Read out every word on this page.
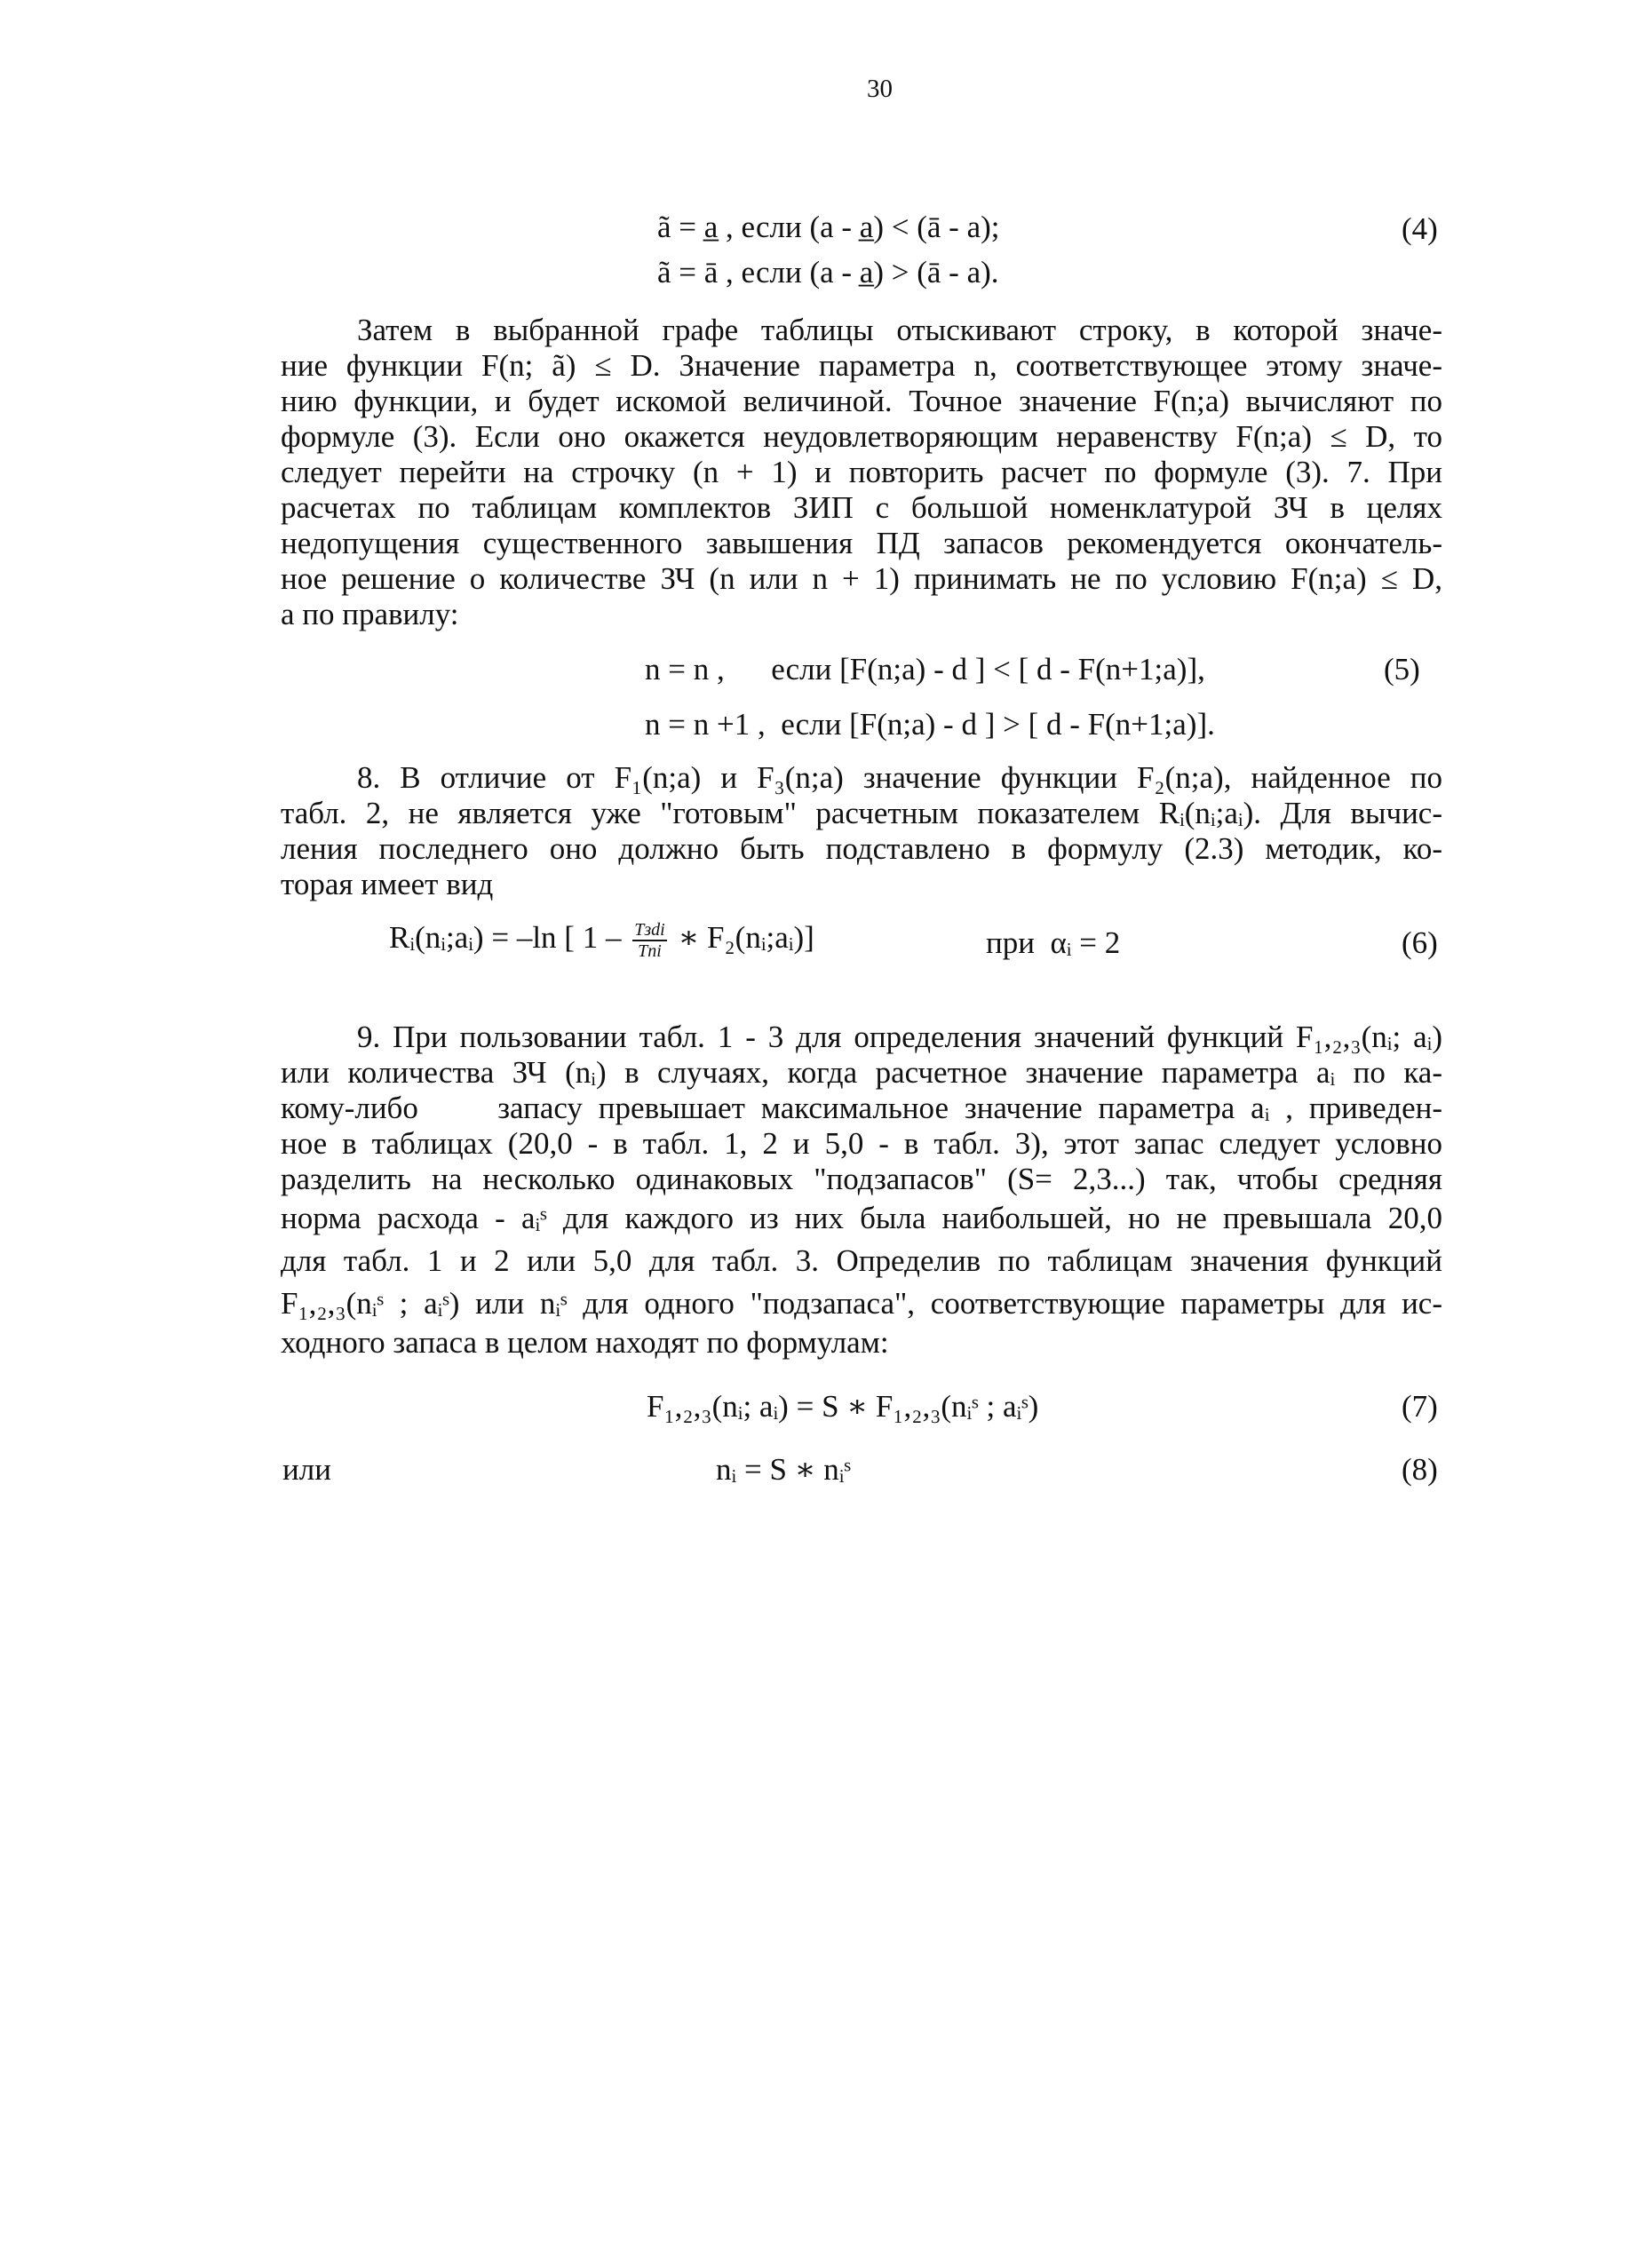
30
ã = a̲ , если (a - a̲) < (ā - a);
ã = ā , если (a - a̲) > (ā - a).
(4)
Затем в выбранной графе таблицы отыскивают строку, в которой значе-
ние функции F(n; ã) ≤ D. Значение параметра n, соответствующее этому значе-
нию функции, и будет искомой величиной. Точное значение F(n;a) вычисляют по
формуле (3). Если оно окажется неудовлетворяющим неравенству F(n;a) ≤ D, то
следует перейти на строчку (n + 1) и повторить расчет по формуле (3). 7. При
расчетах по таблицам комплектов ЗИП с большой номенклатурой ЗЧ в целях
недопущения существенного завышения ПД запасов рекомендуется окончатель-
ное решение о количестве ЗЧ (n или n + 1) принимать не по условию F(n;a) ≤ D,
а по правилу:
n = n ,      если [F(n;a) - d ] < [ d - F(n+1;a)],
n = n +1 ,  если [F(n;a) - d ] > [ d - F(n+1;a)].
(5)
8. В отличие от F₁(n;a) и F₃(n;a) значение функции F₂(n;a), найденное по
табл. 2, не является уже "готовым" расчетным показателем Rᵢ(nᵢ;aᵢ). Для вычис-
ления последнего оно должно быть подставлено в формулу (2.3) методик, ко-
торая имеет вид
Rᵢ(nᵢ;aᵢ) = –ln [ $1 - \frac{\text{Tзdi}}{\text{Tni}}$ ∗ F₂(nᵢ;aᵢ)]	при  αᵢ = 2	(6)
9. При пользовании табл. 1 - 3 для определения значений функций F₁,₂,₃(nᵢ; aᵢ)
или количества ЗЧ (nᵢ) в случаях, когда расчетное значение параметра aᵢ по ка-
кому-либо     запасу превышает максимальное значение параметра aᵢ , приведен-
ное в таблицах (20,0 - в табл. 1, 2 и 5,0 - в табл. 3), этот запас следует условно
разделить на несколько одинаковых "подзапасов" (S= 2,3...) так, чтобы средняя
норма расхода - aᵢˢ для каждого из них была наибольшей, но не превышала 20,0
для табл. 1 и 2 или 5,0 для табл. 3. Определив по таблицам значения функций
F₁,₂,₃(nᵢˢ ; aᵢˢ) или nᵢˢ для одного "подзапаса", соответствующие параметры для ис-
ходного запаса в целом находят по формулам:
F₁,₂,₃(nᵢ; aᵢ) = S ∗ F₁,₂,₃(nᵢˢ ; aᵢˢ)	(7)
или	nᵢ = S ∗ nᵢˢ	(8)
